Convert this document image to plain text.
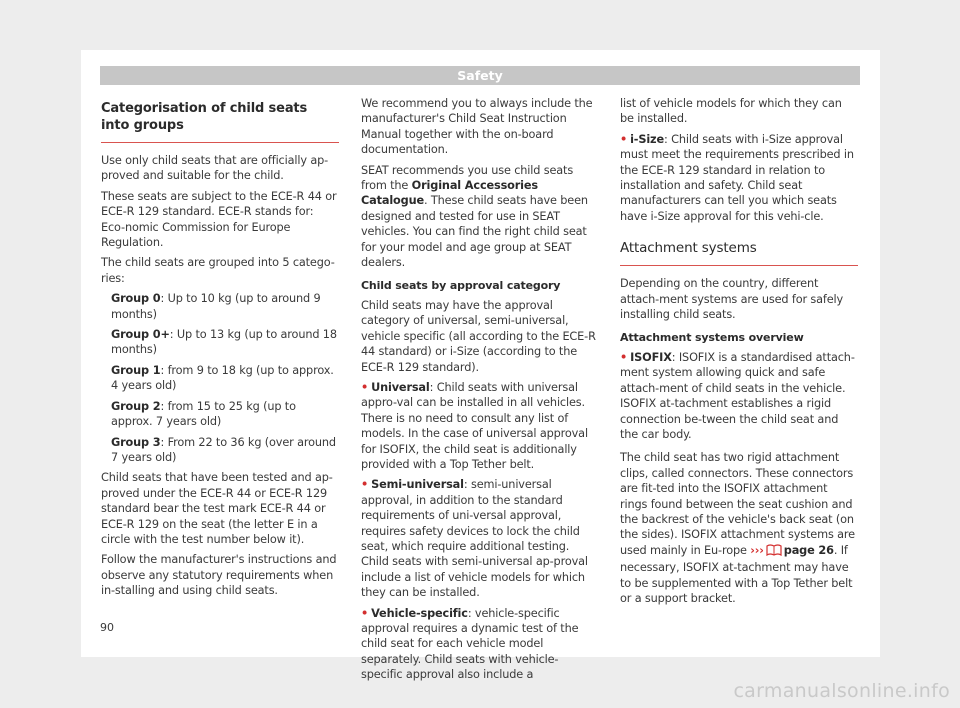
Safety
Categorisation of child seats into groups

Use only child seats that are officially ap-proved and suitable for the child.

These seats are subject to the ECE-R 44 or ECE-R 129 standard. ECE-R stands for: Eco-nomic Commission for Europe Regulation.

The child seats are grouped into 5 catego-ries:

Group 0: Up to 10 kg (up to around 9 months)

Group 0+: Up to 13 kg (up to around 18 months)

Group 1: from 9 to 18 kg (up to approx. 4 years old)

Group 2: from 15 to 25 kg (up to approx. 7 years old)

Group 3: From 22 to 36 kg (over around 7 years old)

Child seats that have been tested and ap-proved under the ECE-R 44 or ECE-R 129 standard bear the test mark ECE-R 44 or ECE-R 129 on the seat (the letter E in a circle with the test number below it).

Follow the manufacturer's instructions and observe any statutory requirements when in-stalling and using child seats.

We recommend you to always include the manufacturer's Child Seat Instruction Manual together with the on-board documentation.

SEAT recommends you use child seats from the Original Accessories Catalogue. These child seats have been designed and tested for use in SEAT vehicles. You can find the right child seat for your model and age group at SEAT dealers.

Child seats by approval category

Child seats may have the approval category of universal, semi-universal, vehicle specific (all according to the ECE-R 44 standard) or i-Size (according to the ECE-R 129 standard).

• Universal: Child seats with universal appro-val can be installed in all vehicles. There is no need to consult any list of models. In the case of universal approval for ISOFIX, the child seat is additionally provided with a Top Tether belt.

• Semi-universal: semi-universal approval, in addition to the standard requirements of uni-versal approval, requires safety devices to lock the child seat, which require additional testing. Child seats with semi-universal ap-proval include a list of vehicle models for which they can be installed.

• Vehicle-specific: vehicle-specific approval requires a dynamic test of the child seat for each vehicle model separately. Child seats with vehicle-specific approval also include a

list of vehicle models for which they can be installed.

• i-Size: Child seats with i-Size approval must meet the requirements prescribed in the ECE-R 129 standard in relation to installation and safety. Child seat manufacturers can tell you which seats have i-Size approval for this vehi-cle.

Attachment systems

Depending on the country, different attach-ment systems are used for safely installing child seats.

Attachment systems overview

• ISOFIX: ISOFIX is a standardised attach-ment system allowing quick and safe attach-ment of child seats in the vehicle. ISOFIX at-tachment establishes a rigid connection be-tween the child seat and the car body.

The child seat has two rigid attachment clips, called connectors. These connectors are fit-ted into the ISOFIX attachment rings found between the seat cushion and the backrest of the vehicle's back seat (on the sides). ISOFIX attachment systems are used mainly in Eu-rope ››› page 26. If necessary, ISOFIX at-tachment may have to be supplemented with a Top Tether belt or a support bracket.

90
carmanualsonline.info
